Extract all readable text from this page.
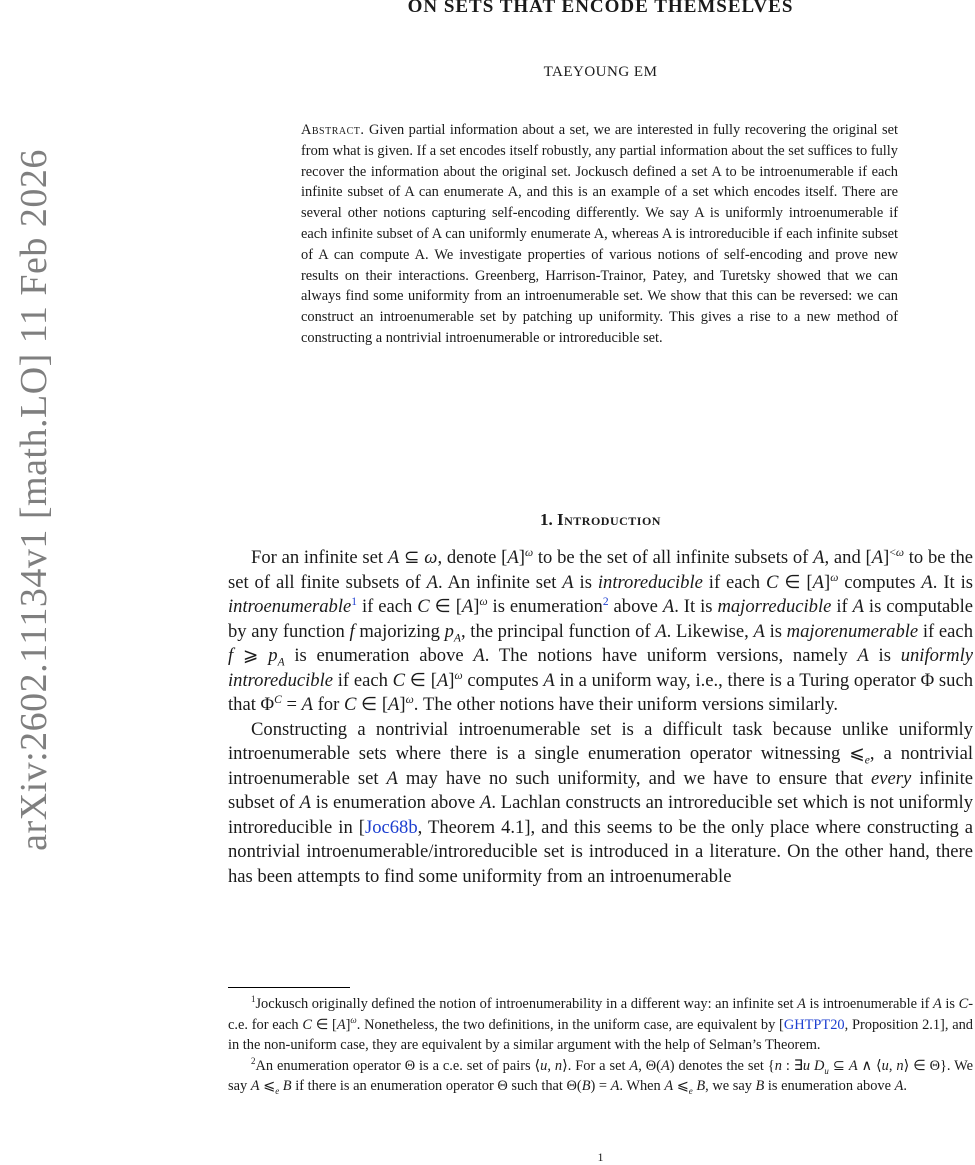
arXiv:2602.11134v1 [math.LO] 11 Feb 2026
ON SETS THAT ENCODE THEMSELVES
TAEYOUNG EM
Abstract. Given partial information about a set, we are interested in fully recovering the original set from what is given. If a set encodes itself robustly, any partial information about the set suffices to fully recover the information about the original set. Jockusch defined a set A to be introenumerable if each infinite subset of A can enumerate A, and this is an example of a set which encodes itself. There are several other notions capturing self-encoding differently. We say A is uniformly introenumerable if each infinite subset of A can uniformly enumerate A, whereas A is introreducible if each infinite subset of A can compute A. We investigate properties of various notions of self-encoding and prove new results on their interactions. Greenberg, Harrison-Trainor, Patey, and Turetsky showed that we can always find some uniformity from an introenumerable set. We show that this can be reversed: we can construct an introenumerable set by patching up uniformity. This gives a rise to a new method of constructing a nontrivial introenumerable or introreducible set.
1. Introduction

For an infinite set A ⊆ ω, denote $[A]^\omega$ to be the set of all infinite subsets of A, and $[A]^{<\omega}$ to be the set of all finite subsets of A. An infinite set A is introreducible if each C ∈ $[A]^\omega$ computes A. It is introenumerable$^1$ if each C ∈ $[A]^\omega$ is enumeration$^2$ above A. It is majorreducible if A is computable by any function f majorizing $p_A$, the principal function of A. Likewise, A is majorenumerable if each f ⩾ $p_A$ is enumeration above A. The notions have uniform versions, namely A is uniformly introreducible if each C ∈ $[A]^\omega$ computes A in a uniform way, i.e., there is a Turing operator Φ such that $\Phi^C = A$ for C ∈ $[A]^\omega$. The other notions have their uniform versions similarly.

Constructing a nontrivial introenumerable set is a difficult task because unlike uniformly introenumerable sets where there is a single enumeration operator witnessing $⩽_e$, a nontrivial introenumerable set A may have no such uniformity, and we have to ensure that every infinite subset of A is enumeration above A. Lachlan constructs an introreducible set which is not uniformly introreducible in [Joc68b, Theorem 4.1], and this seems to be the only place where constructing a nontrivial introenumerable/introreducible set is introduced in a literature. On the other hand, there has been attempts to find some uniformity from an introenumerable

$^1$Jockusch originally defined the notion of introenumerability in a different way: an infinite set A is introenumerable if A is C-c.e. for each C ∈ $[A]^\omega$. Nonetheless, the two definitions, in the uniform case, are equivalent by [GHTPT20, Proposition 2.1], and in the non-uniform case, they are equivalent by a similar argument with the help of Selman’s Theorem.

$^2$An enumeration operator Θ is a c.e. set of pairs ⟨u, n⟩. For a set A, Θ(A) denotes the set {n : ∃u $D_u$ ⊆ A ∧ ⟨u, n⟩ ∈ Θ}. We say A $⩽_e$ B if there is an enumeration operator Θ such that Θ(B) = A. When A $⩽_e$ B, we say B is enumeration above A.

1
